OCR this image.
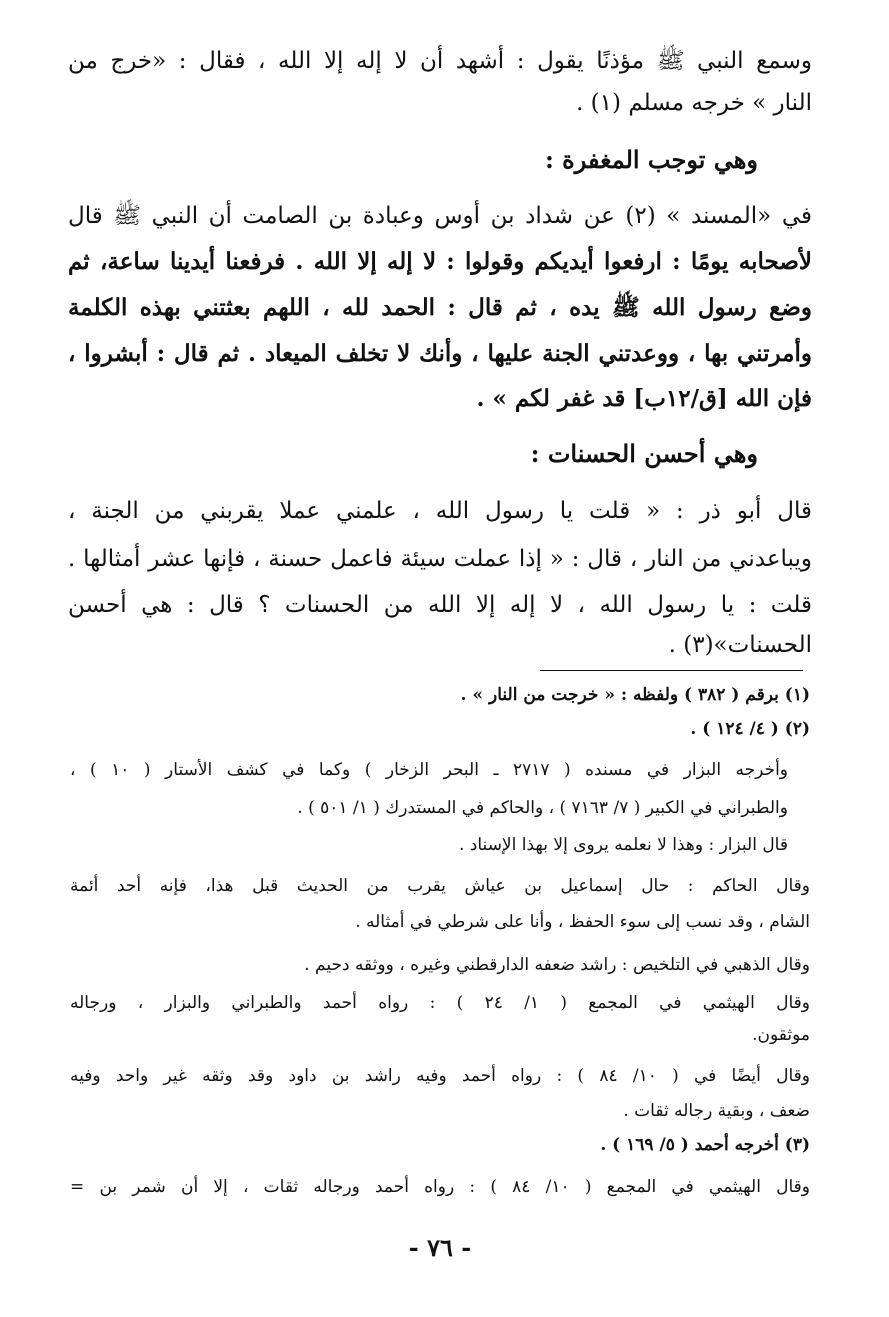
وسمع النبي ﷺ مؤذنًا يقول : أشهد أن لا إله إلا الله ، فقال : «خرج من
النار » خرجه مسلم (١) .
وهي توجب المغفرة :
في «المسند » (٢) عن شداد بن أوس وعبادة بن الصامت أن النبي ﷺ قال
لأصحابه يومًا : ارفعوا أيديكم وقولوا : لا إله إلا الله . فرفعنا أيدينا ساعة، ثم
وضع رسول الله ﷺ يده ، ثم قال : الحمد لله ، اللهم بعثتني بهذه الكلمة
وأمرتني بها ، ووعدتني الجنة عليها ، وأنك لا تخلف الميعاد . ثم قال : أبشروا ،
فإن الله [ق/١٢ب] قد غفر لكم » .
وهي أحسن الحسنات :
قال أبو ذر : « قلت يا رسول الله ، علمني عملا يقربني من الجنة ،
ويباعدني من النار ، قال : « إذا عملت سيئة فاعمل حسنة ، فإنها عشر أمثالها .
قلت : يا رسول الله ، لا إله إلا الله من الحسنات ؟ قال : هي أحسن
الحسنات»(٣) .
(١) برقم ( ٣٨٢ ) ولفظه : « خرجت من النار » .
(٢) ( ٤/ ١٢٤ ) .
وأخرجه البزار في مسنده ( ٢٧١٧ ـ البحر الزخار ) وكما في كشف الأستار ( ١٠ ) ،
والطبراني في الكبير ( ٧/ ٧١٦٣ ) ، والحاكم في المستدرك ( ١/ ٥٠١ ) .
قال البزار : وهذا لا نعلمه يروى إلا بهذا الإسناد .
وقال الحاكم : حال إسماعيل بن عياش يقرب من الحديث قبل هذا، فإنه أحد أئمة
الشام ، وقد نسب إلى سوء الحفظ ، وأنا على شرطي في أمثاله .
وقال الذهبي في التلخيص : راشد ضعفه الدارقطني وغيره ، ووثقه دحيم .
وقال الهيثمي في المجمع ( ١/ ٢٤ ) : رواه أحمد والطبراني والبزار ، ورجاله
موثقون.
وقال أيضًا في ( ١٠/ ٨٤ ) : رواه أحمد وفيه راشد بن داود وقد وثقه غير واحد وفيه
ضعف ، وبقية رجاله ثقات .
(٣) أخرجه أحمد ( ٥/ ١٦٩ ) .
وقال الهيثمي في المجمع ( ١٠/ ٨٤ ) : رواه أحمد ورجاله ثقات ، إلا أن شمر بن =
- ٧٦ -
